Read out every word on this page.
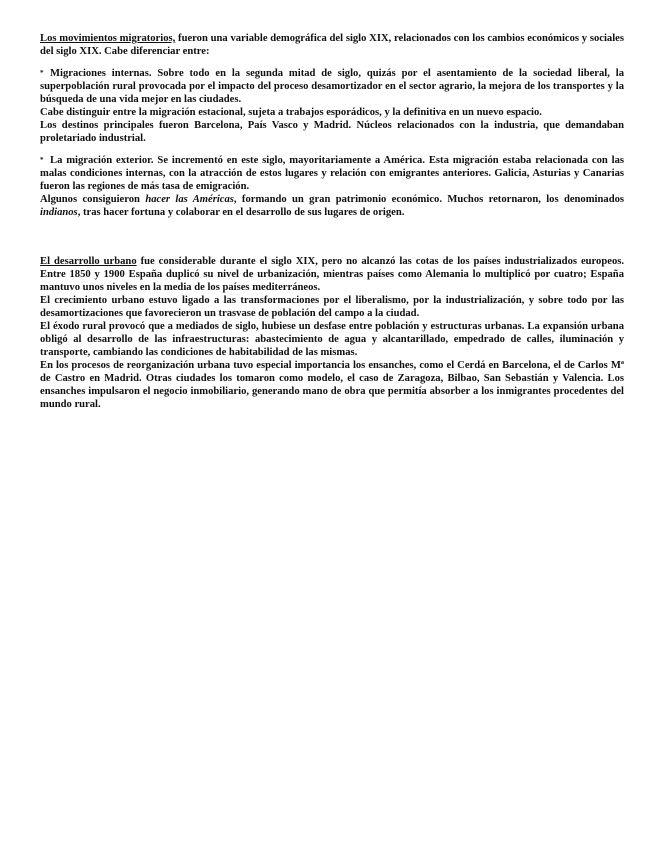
Los movimientos migratorios, fueron una variable demográfica del siglo XIX, relacionados con los cambios económicos y sociales del siglo XIX. Cabe diferenciar entre:

* Migraciones internas. Sobre todo en la segunda mitad de siglo, quizás por el asentamiento de la sociedad liberal, la superpoblación rural provocada por el impacto del proceso desamortizador en el sector agrario, la mejora de los transportes y la búsqueda de una vida mejor en las ciudades.

Cabe distinguir entre la migración estacional, sujeta a trabajos esporádicos, y la definitiva en un nuevo espacio.

Los destinos principales fueron Barcelona, País Vasco y Madrid. Núcleos relacionados con la industria, que demandaban proletariado industrial.

* La migración exterior. Se incrementó en este siglo, mayoritariamente a América. Esta migración estaba relacionada con las malas condiciones internas, con la atracción de estos lugares y relación con emigrantes anteriores. Galicia, Asturias y Canarias fueron las regiones de más tasa de emigración.

Algunos consiguieron hacer las Américas, formando un gran patrimonio económico. Muchos retornaron, los denominados indianos, tras hacer fortuna y colaborar en el desarrollo de sus lugares de origen.

El desarrollo urbano fue considerable durante el siglo XIX, pero no alcanzó las cotas de los países industrializados europeos. Entre 1850 y 1900 España duplicó su nivel de urbanización, mientras países como Alemania lo multiplicó por cuatro; España mantuvo unos niveles en la media de los países mediterráneos.

El crecimiento urbano estuvo ligado a las transformaciones por el liberalismo, por la industrialización, y sobre todo por las desamortizaciones que favorecieron un trasvase de población del campo a la ciudad.

El éxodo rural provocó que a mediados de siglo, hubiese un desfase entre población y estructuras urbanas. La expansión urbana obligó al desarrollo de las infraestructuras: abastecimiento de agua y alcantarillado, empedrado de calles, iluminación y transporte, cambiando las condiciones de habitabilidad de las mismas.

En los procesos de reorganización urbana tuvo especial importancia los ensanches, como el Cerdá en Barcelona, el de Carlos Mª de Castro en Madrid. Otras ciudades los tomaron como modelo, el caso de Zaragoza, Bilbao, San Sebastián y Valencia. Los ensanches impulsaron el negocio inmobiliario, generando mano de obra que permitía absorber a los inmigrantes procedentes del mundo rural.
